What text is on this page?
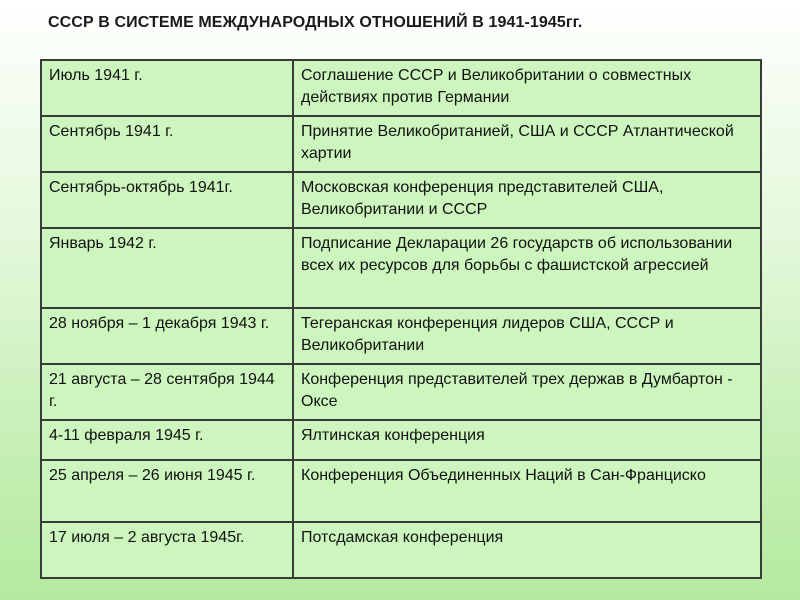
СССР В СИСТЕМЕ МЕЖДУНАРОДНЫХ ОТНОШЕНИЙ В 1941-1945гг.
Июль 1941 г.	Соглашение СССР и Великобритании о совместных действиях против Германии
Сентябрь 1941 г.	Принятие Великобританией, США и СССР Атлантической хартии
Сентябрь-октябрь 1941г.	Московская конференция представителей США, Великобритании и СССР
Январь 1942 г.	Подписание Декларации 26 государств об использовании всех их ресурсов для борьбы с фашистской агрессией
28 ноября – 1 декабря 1943 г.	Тегеранская конференция лидеров США, СССР и Великобритании
21 августа – 28 сентября 1944 г.	Конференция представителей трех держав в Думбартон - Оксе
4-11 февраля 1945 г.	Ялтинская конференция
25 апреля – 26 июня 1945 г.	Конференция Объединенных Наций в Сан-Франциско
17 июля – 2 августа 1945г.	Потсдамская конференция
